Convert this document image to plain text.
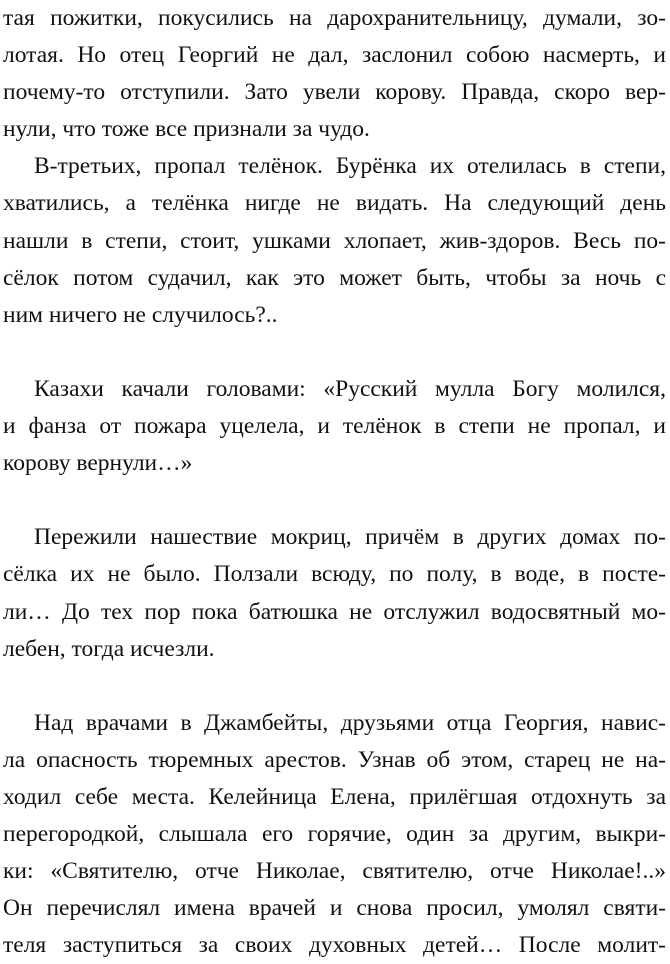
тая пожитки, покусились на дарохранительницу, думали, зо-
лотая. Но отец Георгий не дал, заслонил собою насмерть, и
почему-то отступили. Зато увели корову. Правда, скоро вер-
нули, что тоже все признали за чудо.
В-третьих, пропал телёнок. Бурёнка их отелилась в степи,
хватились, а телёнка нигде не видать. На следующий день
нашли в степи, стоит, ушками хлопает, жив-здоров. Весь по-
сёлок потом судачил, как это может быть, чтобы за ночь с
ним ничего не случилось?..
Казахи качали головами: «Русский мулла Богу молился,
и фанза от пожара уцелела, и телёнок в степи не пропал, и
корову вернули…»
Пережили нашествие мокриц, причём в других домах по-
сёлка их не было. Ползали всюду, по полу, в воде, в посте-
ли… До тех пор пока батюшка не отслужил водосвятный мо-
лебен, тогда исчезли.
Над врачами в Джамбейты, друзьями отца Георгия, навис-
ла опасность тюремных арестов. Узнав об этом, старец не на-
ходил себе места. Келейница Елена, прилёгшая отдохнуть за
перегородкой, слышала его горячие, один за другим, выкри-
ки: «Святителю, отче Николае, святителю, отче Николае!..»
Он перечислял имена врачей и снова просил, умолял святи-
теля заступиться за своих духовных детей… После молит-
